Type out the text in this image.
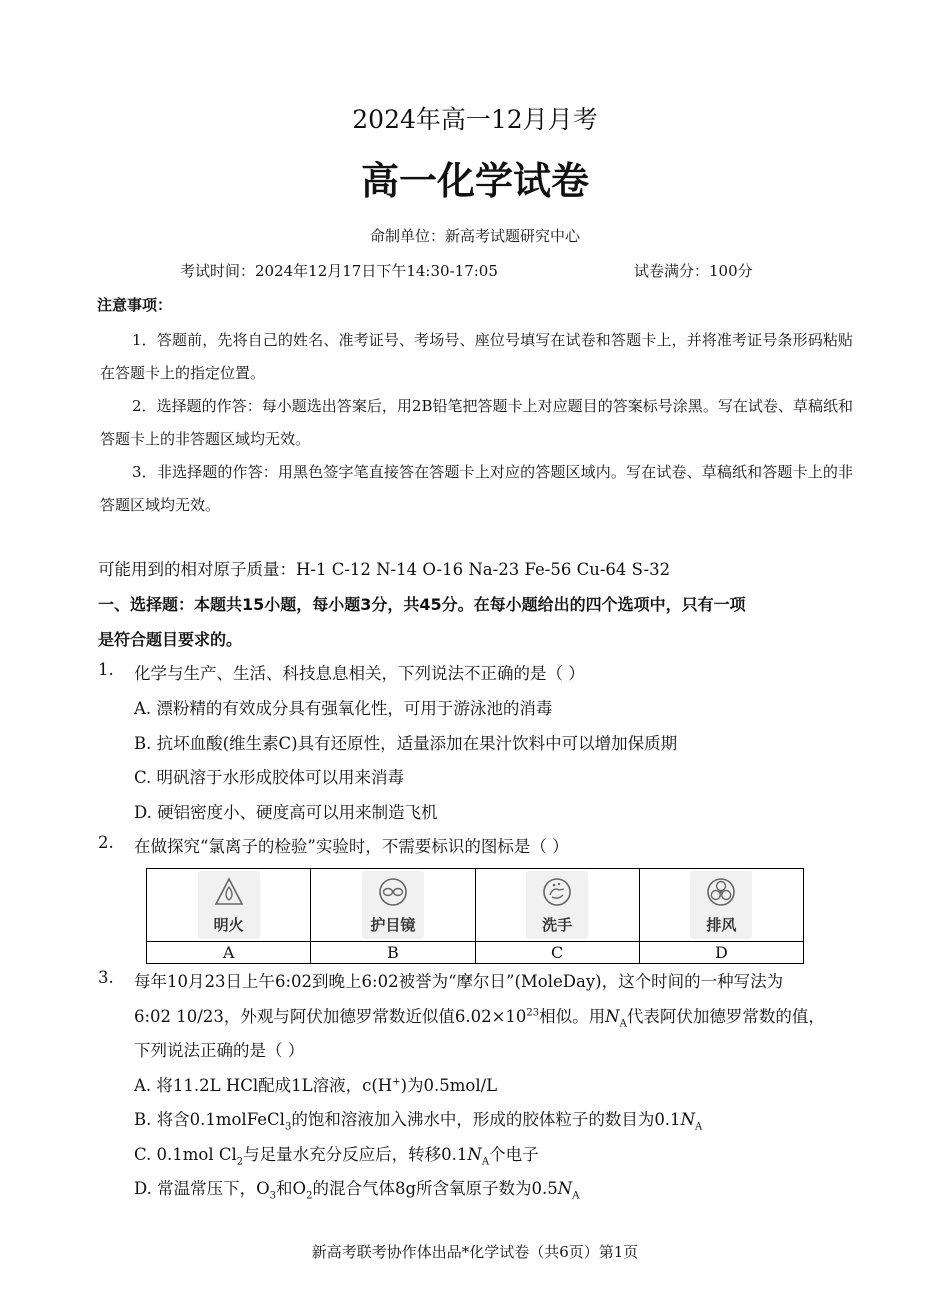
2024年高一12月月考
高一化学试卷
命制单位：新高考试题研究中心
考试时间：2024年12月17日下午14:30-17:05	试卷满分：100分
注意事项：

1．答题前，先将自己的姓名、准考证号、考场号、座位号填写在试卷和答题卡上，并将准考证号条形码粘贴在答题卡上的指定位置。

2．选择题的作答：每小题选出答案后，用2B铅笔把答题卡上对应题目的答案标号涂黑。写在试卷、草稿纸和答题卡上的非答题区域均无效。

3．非选择题的作答：用黑色签字笔直接答在答题卡上对应的答题区域内。写在试卷、草稿纸和答题卡上的非答题区域均无效。

可能用到的相对原子质量：H-1 C-12 N-14 O-16 Na-23 Fe-56 Cu-64 S-32
一、选择题：本题共15小题，每小题3分，共45分。在每小题给出的四个选项中，只有一项
是符合题目要求的。
1. 化学与生产、生活、科技息息相关，下列说法不正确的是（ ）
A. 漂粉精的有效成分具有强氧化性，可用于游泳池的消毒
B. 抗坏血酸(维生素C)具有还原性，适量添加在果汁饮料中可以增加保质期
C. 明矾溶于水形成胶体可以用来消毒
D. 硬铝密度小、硬度高可以用来制造飞机
2. 在做探究“氯离子的检验”实验时，不需要标识的图标是（ ）
明火	护目镜	洗手	排风

A	B	C	D
3. 每年10月23日上午6:02到晚上6:02被誉为“摩尔日”(MoleDay)，这个时间的一种写法为
6:02 10/23，外观与阿伏加德罗常数近似值$6.02\times 10^{23}$相似。用$N_A$代表阿伏加德罗常数的值，
下列说法正确的是（ ）
A. 将11.2L HCl配成1L溶液，c(H+)为0.5mol/L
B. 将含0.1molFeCl$_3$的饱和溶液加入沸水中，形成的胶体粒子的数目为$0.1N_A$
C. 0.1mol $Cl_2$与足量水充分反应后，转移$0.1N_A$个电子
D. 常温常压下，$O_3$和$O_2$的混合气体8g所含氧原子数为$0.5N_A$
新高考联考协作体出品*化学试卷（共6页）第1页
